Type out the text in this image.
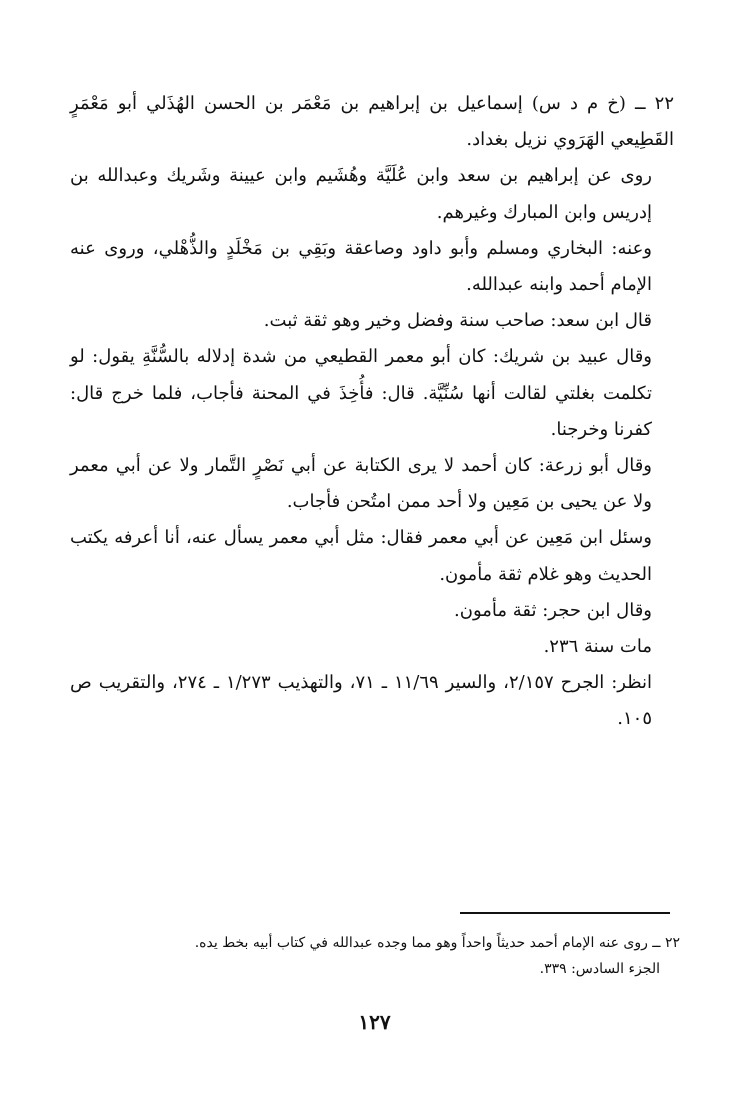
٢٢ ــ (خ م د س) إسماعيل بن إبراهيم بن مَعْمَر بن الحسن الهُذَلي أبو مَعْمَرٍ القَطِيعي الهَرَوي نزيل بغداد.

روى عن إبراهيم بن سعد وابن عُلَيَّة وهُشَيم وابن عيينة وشَريك وعبدالله بن إدريس وابن المبارك وغيرهم.

وعنه: البخاري ومسلم وأبو داود وصاعقة وبَقِي بن مَخْلَدٍ والذُّهْلي، وروى عنه الإمام أحمد وابنه عبدالله.

قال ابن سعد: صاحب سنة وفضل وخير وهو ثقة ثبت.

وقال عبيد بن شريك: كان أبو معمر القطيعي من شدة إدلاله بالسُّنَّةِ يقول: لو تكلمت بغلتي لقالت أنها سُنِّيَّة. قال: فأُخِذَ في المحنة فأجاب، فلما خرج قال: كفرنا وخرجنا.

وقال أبو زرعة: كان أحمد لا يرى الكتابة عن أبي نَصْرٍ التَّمار ولا عن أبي معمر ولا عن يحيى بن مَعِين ولا أحد ممن امتُحن فأجاب.

وسئل ابن مَعِين عن أبي معمر فقال: مثل أبي معمر يسأل عنه، أنا أعرفه يكتب الحديث وهو غلام ثقة مأمون.

وقال ابن حجر: ثقة مأمون.

مات سنة ٢٣٦.

انظر: الجرح ٢/١٥٧، والسير ١١/٦٩ ـ ٧١، والتهذيب ١/٢٧٣ ـ ٢٧٤، والتقريب ص ١٠٥.

٢٢ ــ روى عنه الإمام أحمد حديثاً واحداً وهو مما وجده عبدالله في كتاب أبيه بخط يده.

الجزء السادس: ٣٣٩.

١٢٧
